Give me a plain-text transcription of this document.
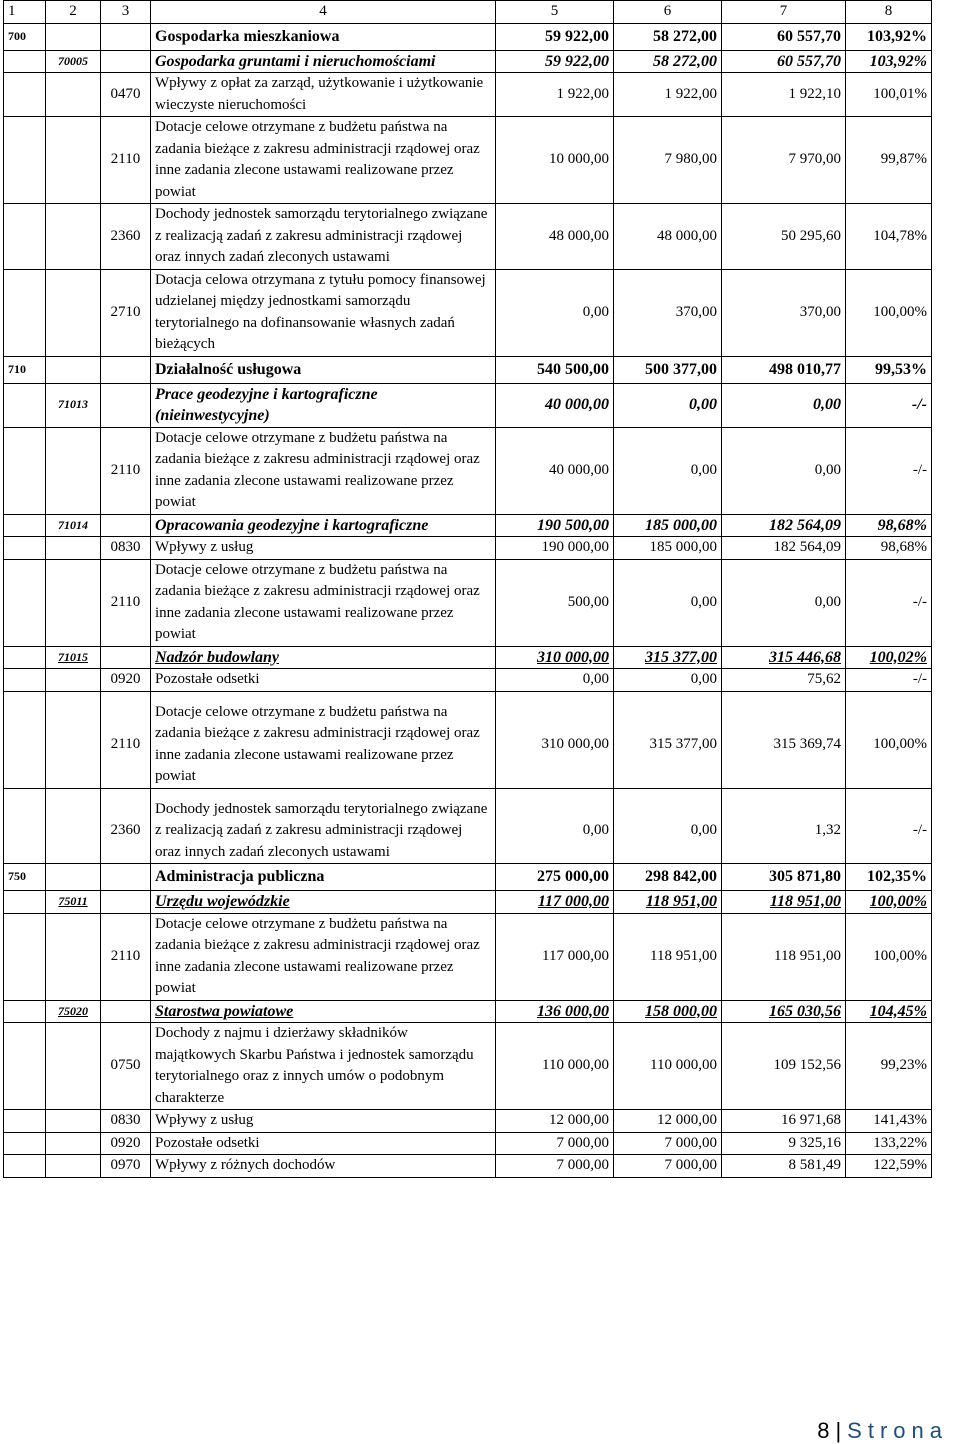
1	2	3	4	5	6	7	8
700			Gospodarka mieszkaniowa	59 922,00	58 272,00	60 557,70	103,92%
	70005		Gospodarka gruntami i nieruchomościami	59 922,00	58 272,00	60 557,70	103,92%
		0470	Wpływy z opłat za zarząd, użytkowanie i użytkowanie wieczyste nieruchomości	1 922,00	1 922,00	1 922,10	100,01%
		2110	Dotacje celowe otrzymane z budżetu państwa na zadania bieżące z zakresu administracji rządowej oraz inne zadania zlecone ustawami realizowane przez powiat	10 000,00	7 980,00	7 970,00	99,87%
		2360	Dochody jednostek samorządu terytorialnego związane z realizacją zadań z zakresu administracji rządowej oraz innych zadań zleconych ustawami	48 000,00	48 000,00	50 295,60	104,78%
		2710	Dotacja celowa otrzymana z tytułu pomocy finansowej udzielanej między jednostkami samorządu terytorialnego na dofinansowanie własnych zadań bieżących	0,00	370,00	370,00	100,00%
710			Działalność usługowa	540 500,00	500 377,00	498 010,77	99,53%
	71013		Prace geodezyjne i kartograficzne (nieinwestycyjne)	40 000,00	0,00	0,00	-/-
		2110	Dotacje celowe otrzymane z budżetu państwa na zadania bieżące z zakresu administracji rządowej oraz inne zadania zlecone ustawami realizowane przez powiat	40 000,00	0,00	0,00	-/-
	71014		Opracowania geodezyjne i kartograficzne	190 500,00	185 000,00	182 564,09	98,68%
		0830	Wpływy z usług	190 000,00	185 000,00	182 564,09	98,68%
		2110	Dotacje celowe otrzymane z budżetu państwa na zadania bieżące z zakresu administracji rządowej oraz inne zadania zlecone ustawami realizowane przez powiat	500,00	0,00	0,00	-/-
	71015		Nadzór budowlany	310 000,00	315 377,00	315 446,68	100,02%
		0920	Pozostałe odsetki	0,00	0,00	75,62	-/-
		2110	Dotacje celowe otrzymane z budżetu państwa na zadania bieżące z zakresu administracji rządowej oraz inne zadania zlecone ustawami realizowane przez powiat	310 000,00	315 377,00	315 369,74	100,00%
		2360	Dochody jednostek samorządu terytorialnego związane z realizacją zadań z zakresu administracji rządowej oraz innych zadań zleconych ustawami	0,00	0,00	1,32	-/-
750			Administracja publiczna	275 000,00	298 842,00	305 871,80	102,35%
	75011		Urzędu wojewódzkie	117 000,00	118 951,00	118 951,00	100,00%
		2110	Dotacje celowe otrzymane z budżetu państwa na zadania bieżące z zakresu administracji rządowej oraz inne zadania zlecone ustawami realizowane przez powiat	117 000,00	118 951,00	118 951,00	100,00%
	75020		Starostwa powiatowe	136 000,00	158 000,00	165 030,56	104,45%
		0750	Dochody z najmu i dzierżawy składników majątkowych Skarbu Państwa i jednostek samorządu terytorialnego oraz z innych umów o podobnym charakterze	110 000,00	110 000,00	109 152,56	99,23%
		0830	Wpływy z usług	12 000,00	12 000,00	16 971,68	141,43%
		0920	Pozostałe odsetki	7 000,00	7 000,00	9 325,16	133,22%
		0970	Wpływy z różnych dochodów	7 000,00	7 000,00	8 581,49	122,59%
8 | Strona
